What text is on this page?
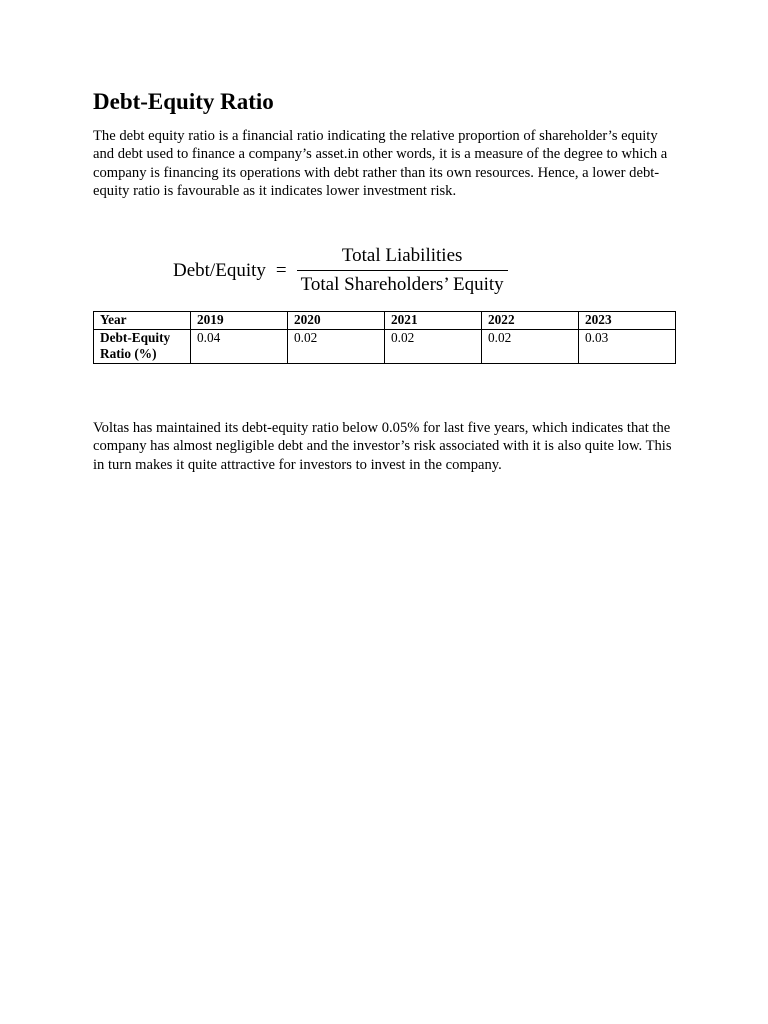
Debt-Equity Ratio

The debt equity ratio is a financial ratio indicating the relative proportion of shareholder’s equity and debt used to finance a company’s asset.in other words, it is a measure of the degree to which a company is financing its operations with debt rather than its own resources. Hence, a lower debt-equity ratio is favourable as it indicates lower investment risk.

Debt/Equity = $\frac{\text{Total Liabilities}}{\text{Total Shareholders’ Equity}}$
Year	2019	2020	2021	2022	2023
Debt-Equity Ratio (%)	0.04	0.02	0.02	0.02	0.03

Voltas has maintained its debt-equity ratio below 0.05% for last five years, which indicates that the company has almost negligible debt and the investor’s risk associated with it is also quite low. This in turn makes it quite attractive for investors to invest in the company.
